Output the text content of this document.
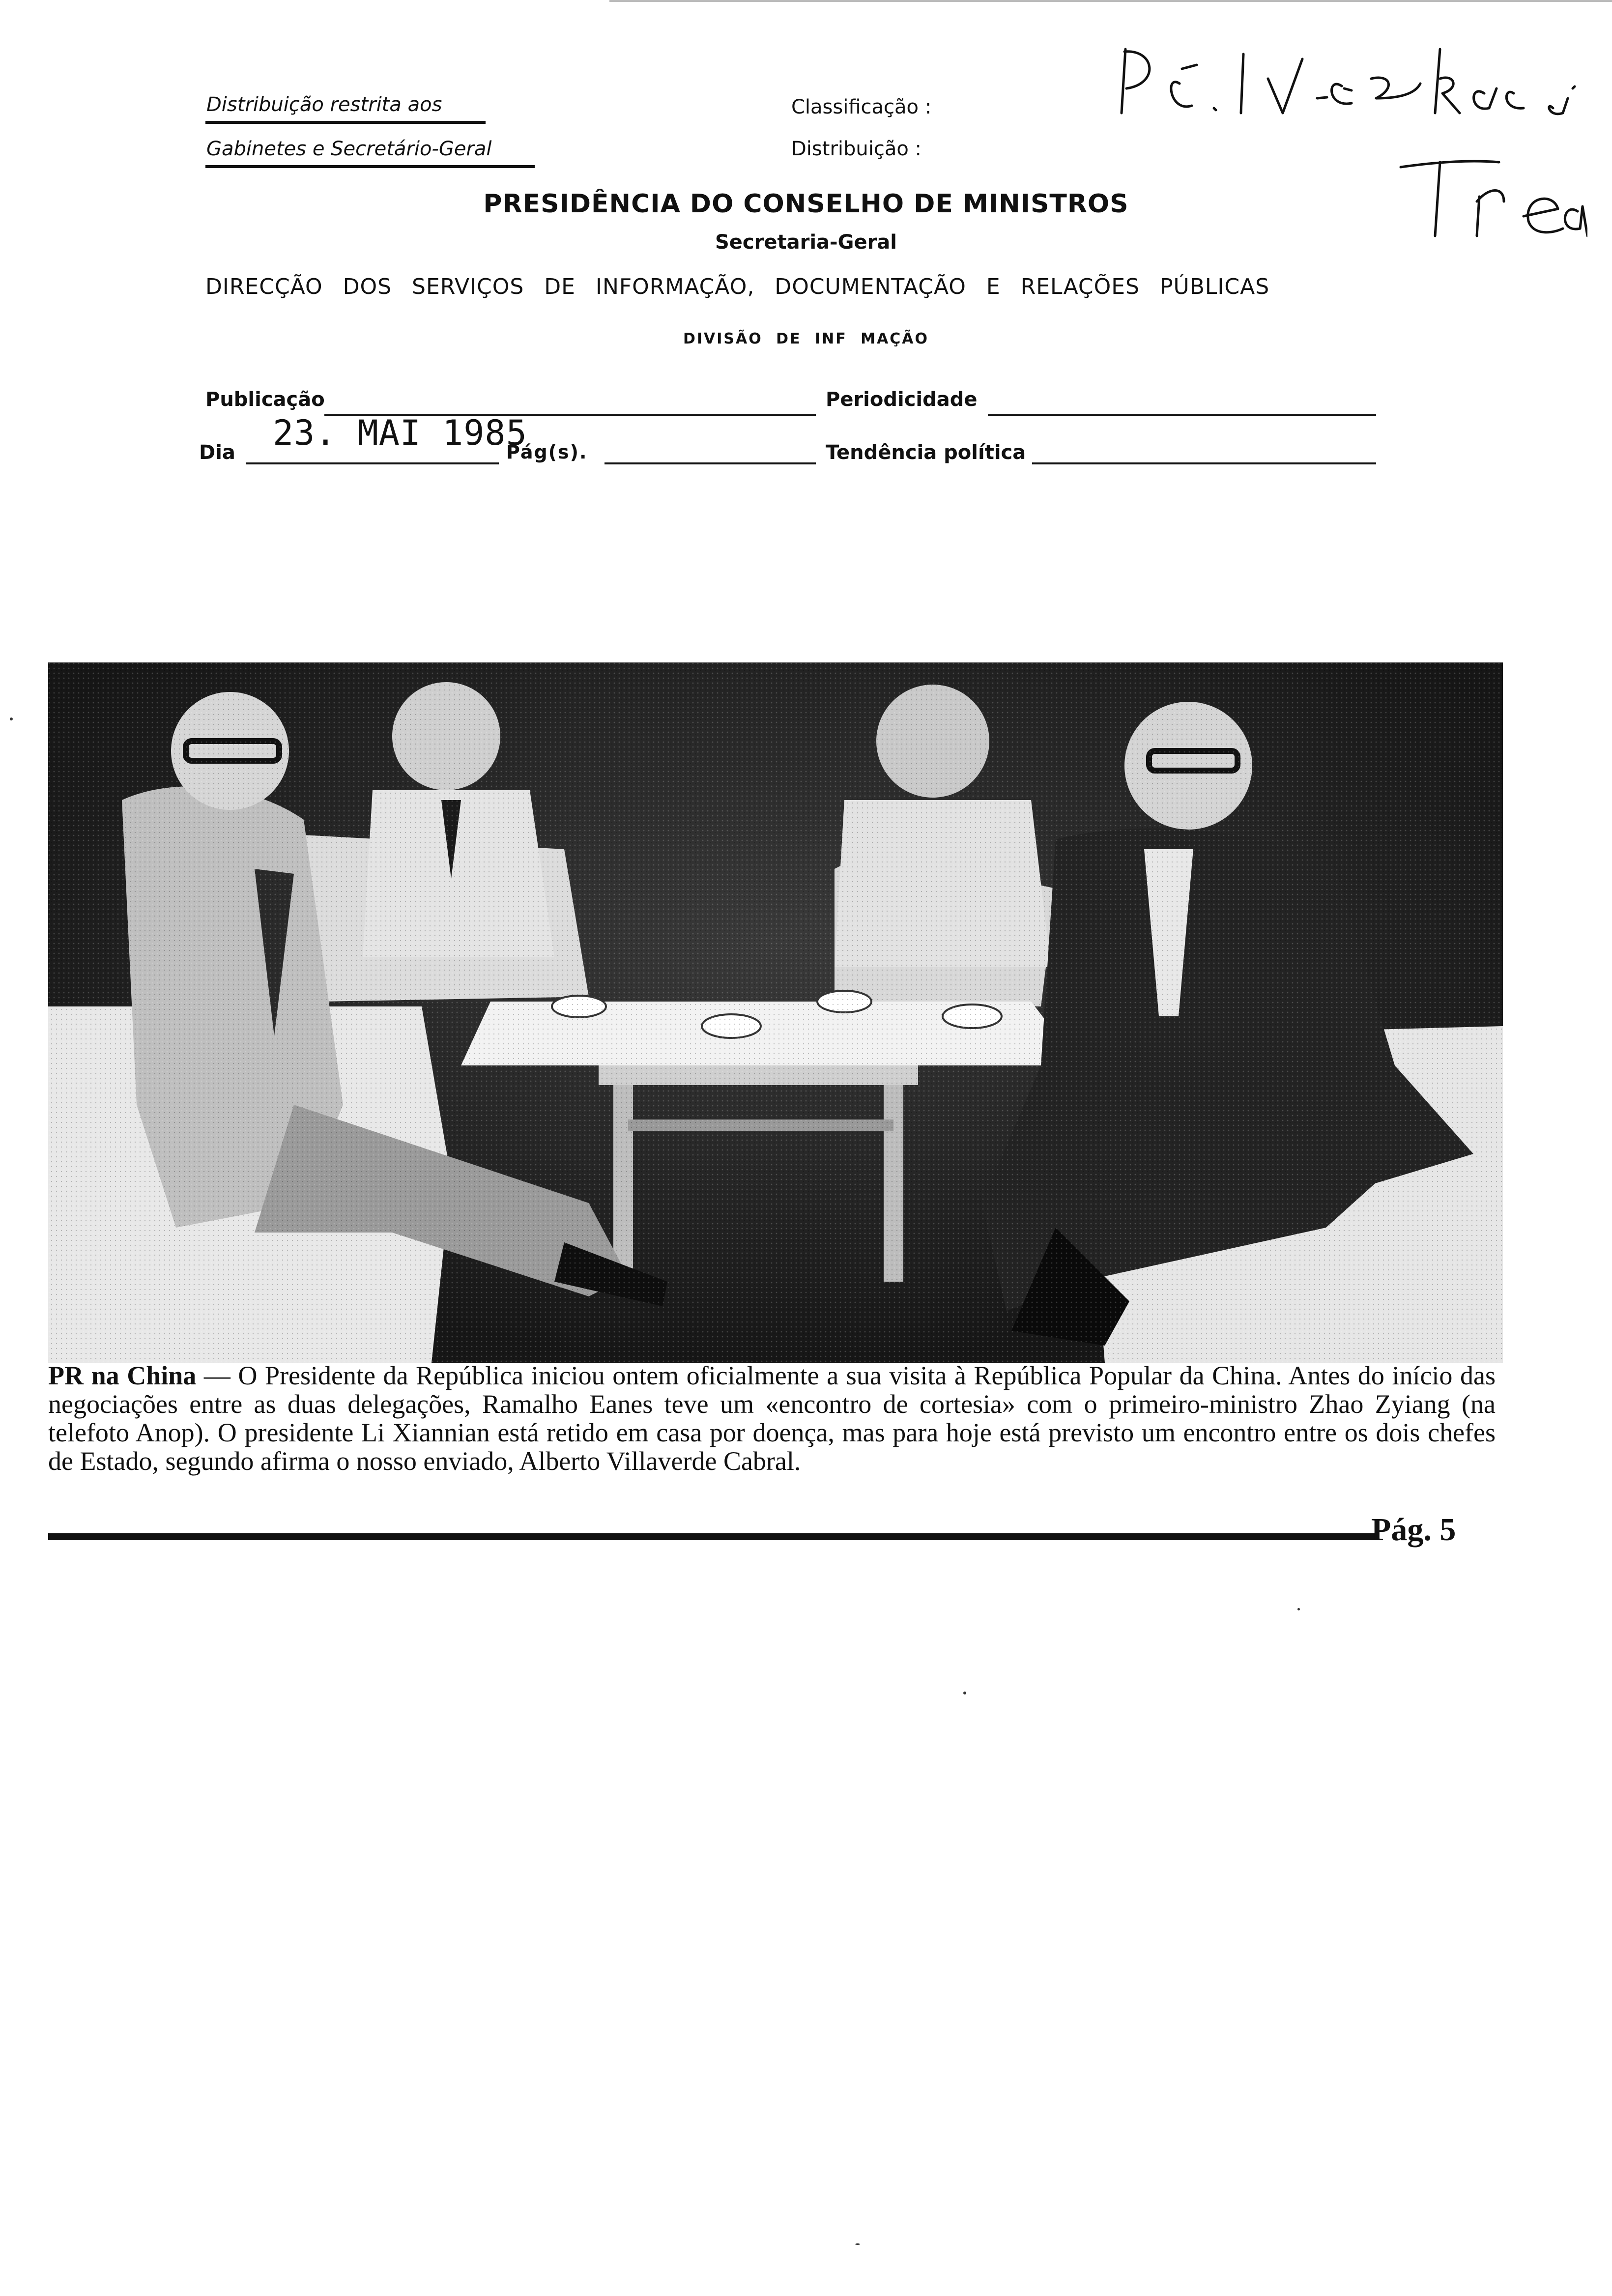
Distribuição restrita aos
Gabinetes e Secretário-Geral
Classificação :
Distribuição :
PRESIDÊNCIA DO CONSELHO DE MINISTROS
Secretaria-Geral
DIRECÇÃO DOS SERVIÇOS DE INFORMAÇÃO, DOCUMENTAÇÃO E RELAÇÕES PÚBLICAS
DIVISÃO DE INF MAÇÃO
Publicação	Periodicidade
Dia 23. MAI 1985
Pág(s).	Tendência política
PR na China — O Presidente da República iniciou ontem oficialmente a sua visita à República Popular da China. Antes do início das negociações entre as duas delegações, Ramalho Eanes teve um «encontro de cortesia» com o primeiro-ministro Zhao Zyiang (na telefoto Anop). O presidente Li Xiannian está retido em casa por doença, mas para hoje está previsto um encontro entre os dois chefes de Estado, segundo afirma o nosso enviado, Alberto Villaverde Cabral.
Pág. 5
